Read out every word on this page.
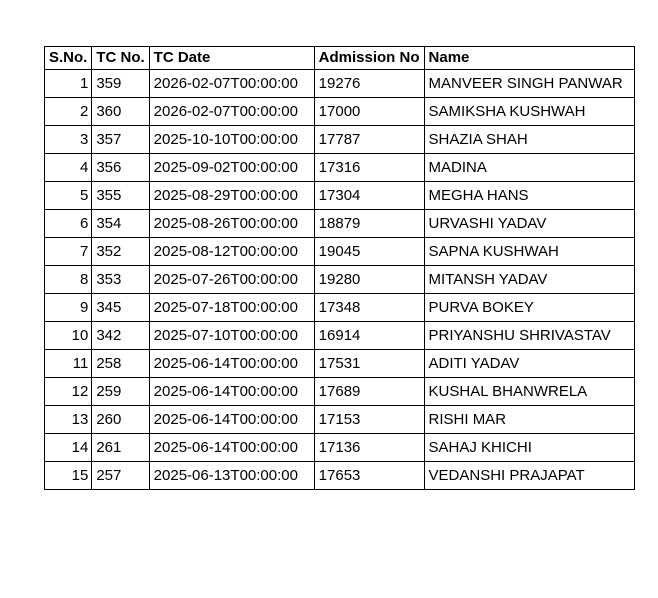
S.No.	TC No.	TC Date	Admission No	Name
1	359	2026-02-07T00:00:00	19276	MANVEER SINGH PANWAR
2	360	2026-02-07T00:00:00	17000	SAMIKSHA KUSHWAH
3	357	2025-10-10T00:00:00	17787	SHAZIA SHAH
4	356	2025-09-02T00:00:00	17316	MADINA
5	355	2025-08-29T00:00:00	17304	MEGHA HANS
6	354	2025-08-26T00:00:00	18879	URVASHI YADAV
7	352	2025-08-12T00:00:00	19045	SAPNA KUSHWAH
8	353	2025-07-26T00:00:00	19280	MITANSH YADAV
9	345	2025-07-18T00:00:00	17348	PURVA BOKEY
10	342	2025-07-10T00:00:00	16914	PRIYANSHU SHRIVASTAV
11	258	2025-06-14T00:00:00	17531	ADITI YADAV
12	259	2025-06-14T00:00:00	17689	KUSHAL BHANWRELA
13	260	2025-06-14T00:00:00	17153	RISHI MAR
14	261	2025-06-14T00:00:00	17136	SAHAJ KHICHI
15	257	2025-06-13T00:00:00	17653	VEDANSHI PRAJAPAT
